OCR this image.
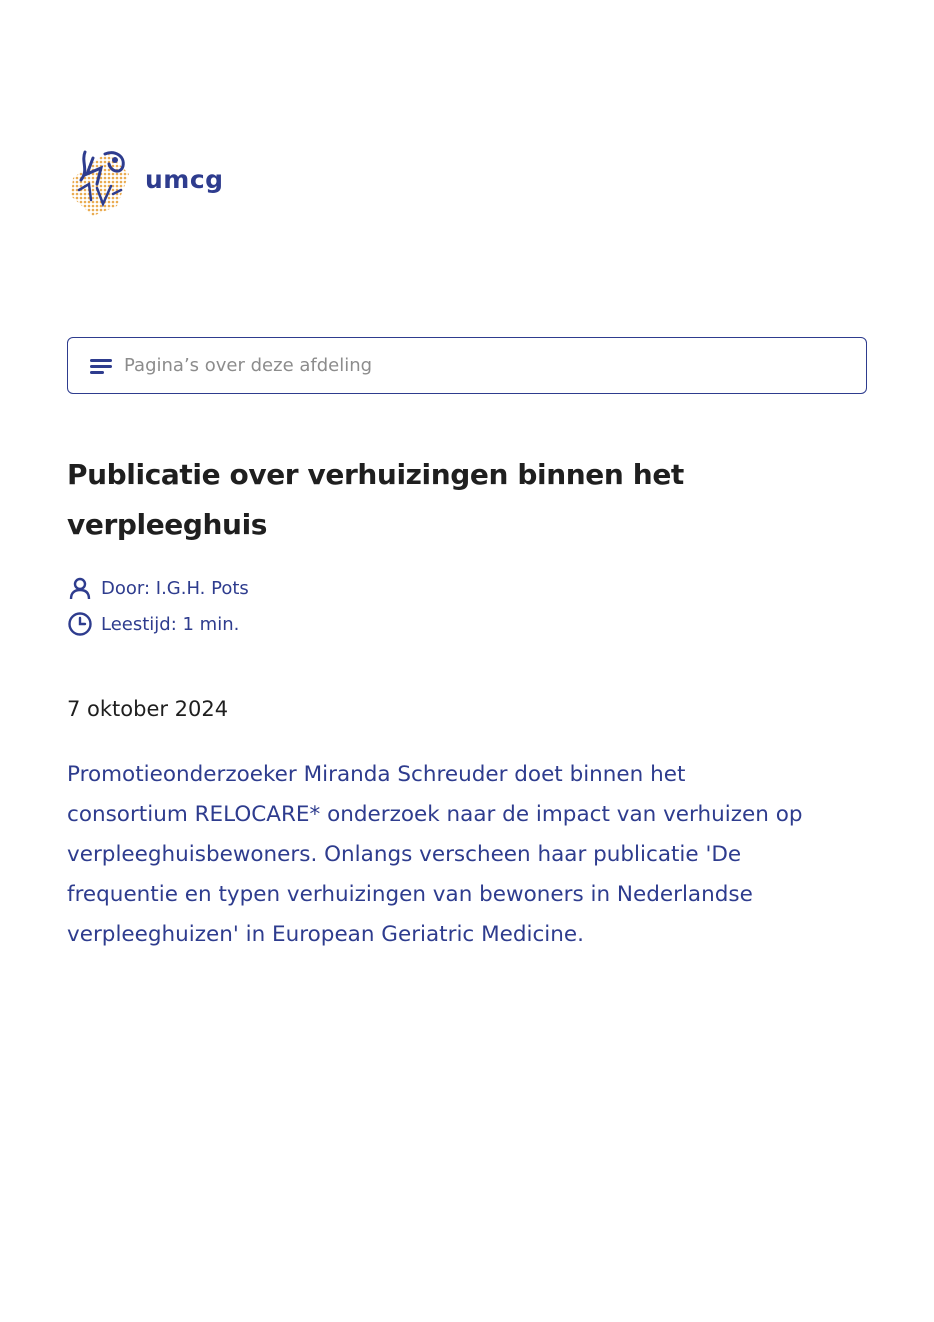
umcg
Pagina’s over deze afdeling
Publicatie over verhuizingen binnen het verpleeghuis
Door: I.G.H. Pots
Leestijd: 1 min.
7 oktober 2024

Promotieonderzoeker Miranda Schreuder doet binnen het consortium RELOCARE* onderzoek naar de impact van verhuizen op verpleeghuisbewoners. Onlangs verscheen haar publicatie 'De frequentie en typen verhuizingen van bewoners in Nederlandse verpleeghuizen' in European Geriatric Medicine.
